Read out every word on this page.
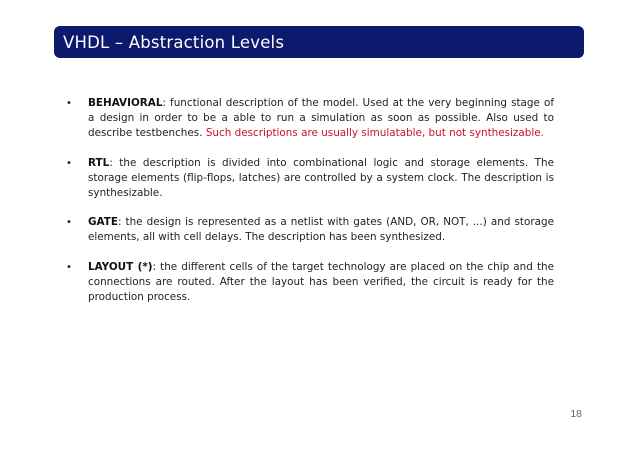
VHDL – Abstraction Levels
• BEHAVIORAL: functional description of the model. Used at the very beginning stage of a design in order to be a able to run a simulation as soon as possible. Also used to describe testbenches. Such descriptions are usually simulatable, but not synthesizable.
• RTL: the description is divided into combinational logic and storage elements. The storage elements (flip-flops, latches) are controlled by a system clock. The description is synthesizable.
• GATE: the design is represented as a netlist with gates (AND, OR, NOT, ...) and storage elements, all with cell delays. The description has been synthesized.
• LAYOUT (*): the different cells of the target technology are placed on the chip and the connections are routed. After the layout has been verified, the circuit is ready for the production process.
18
